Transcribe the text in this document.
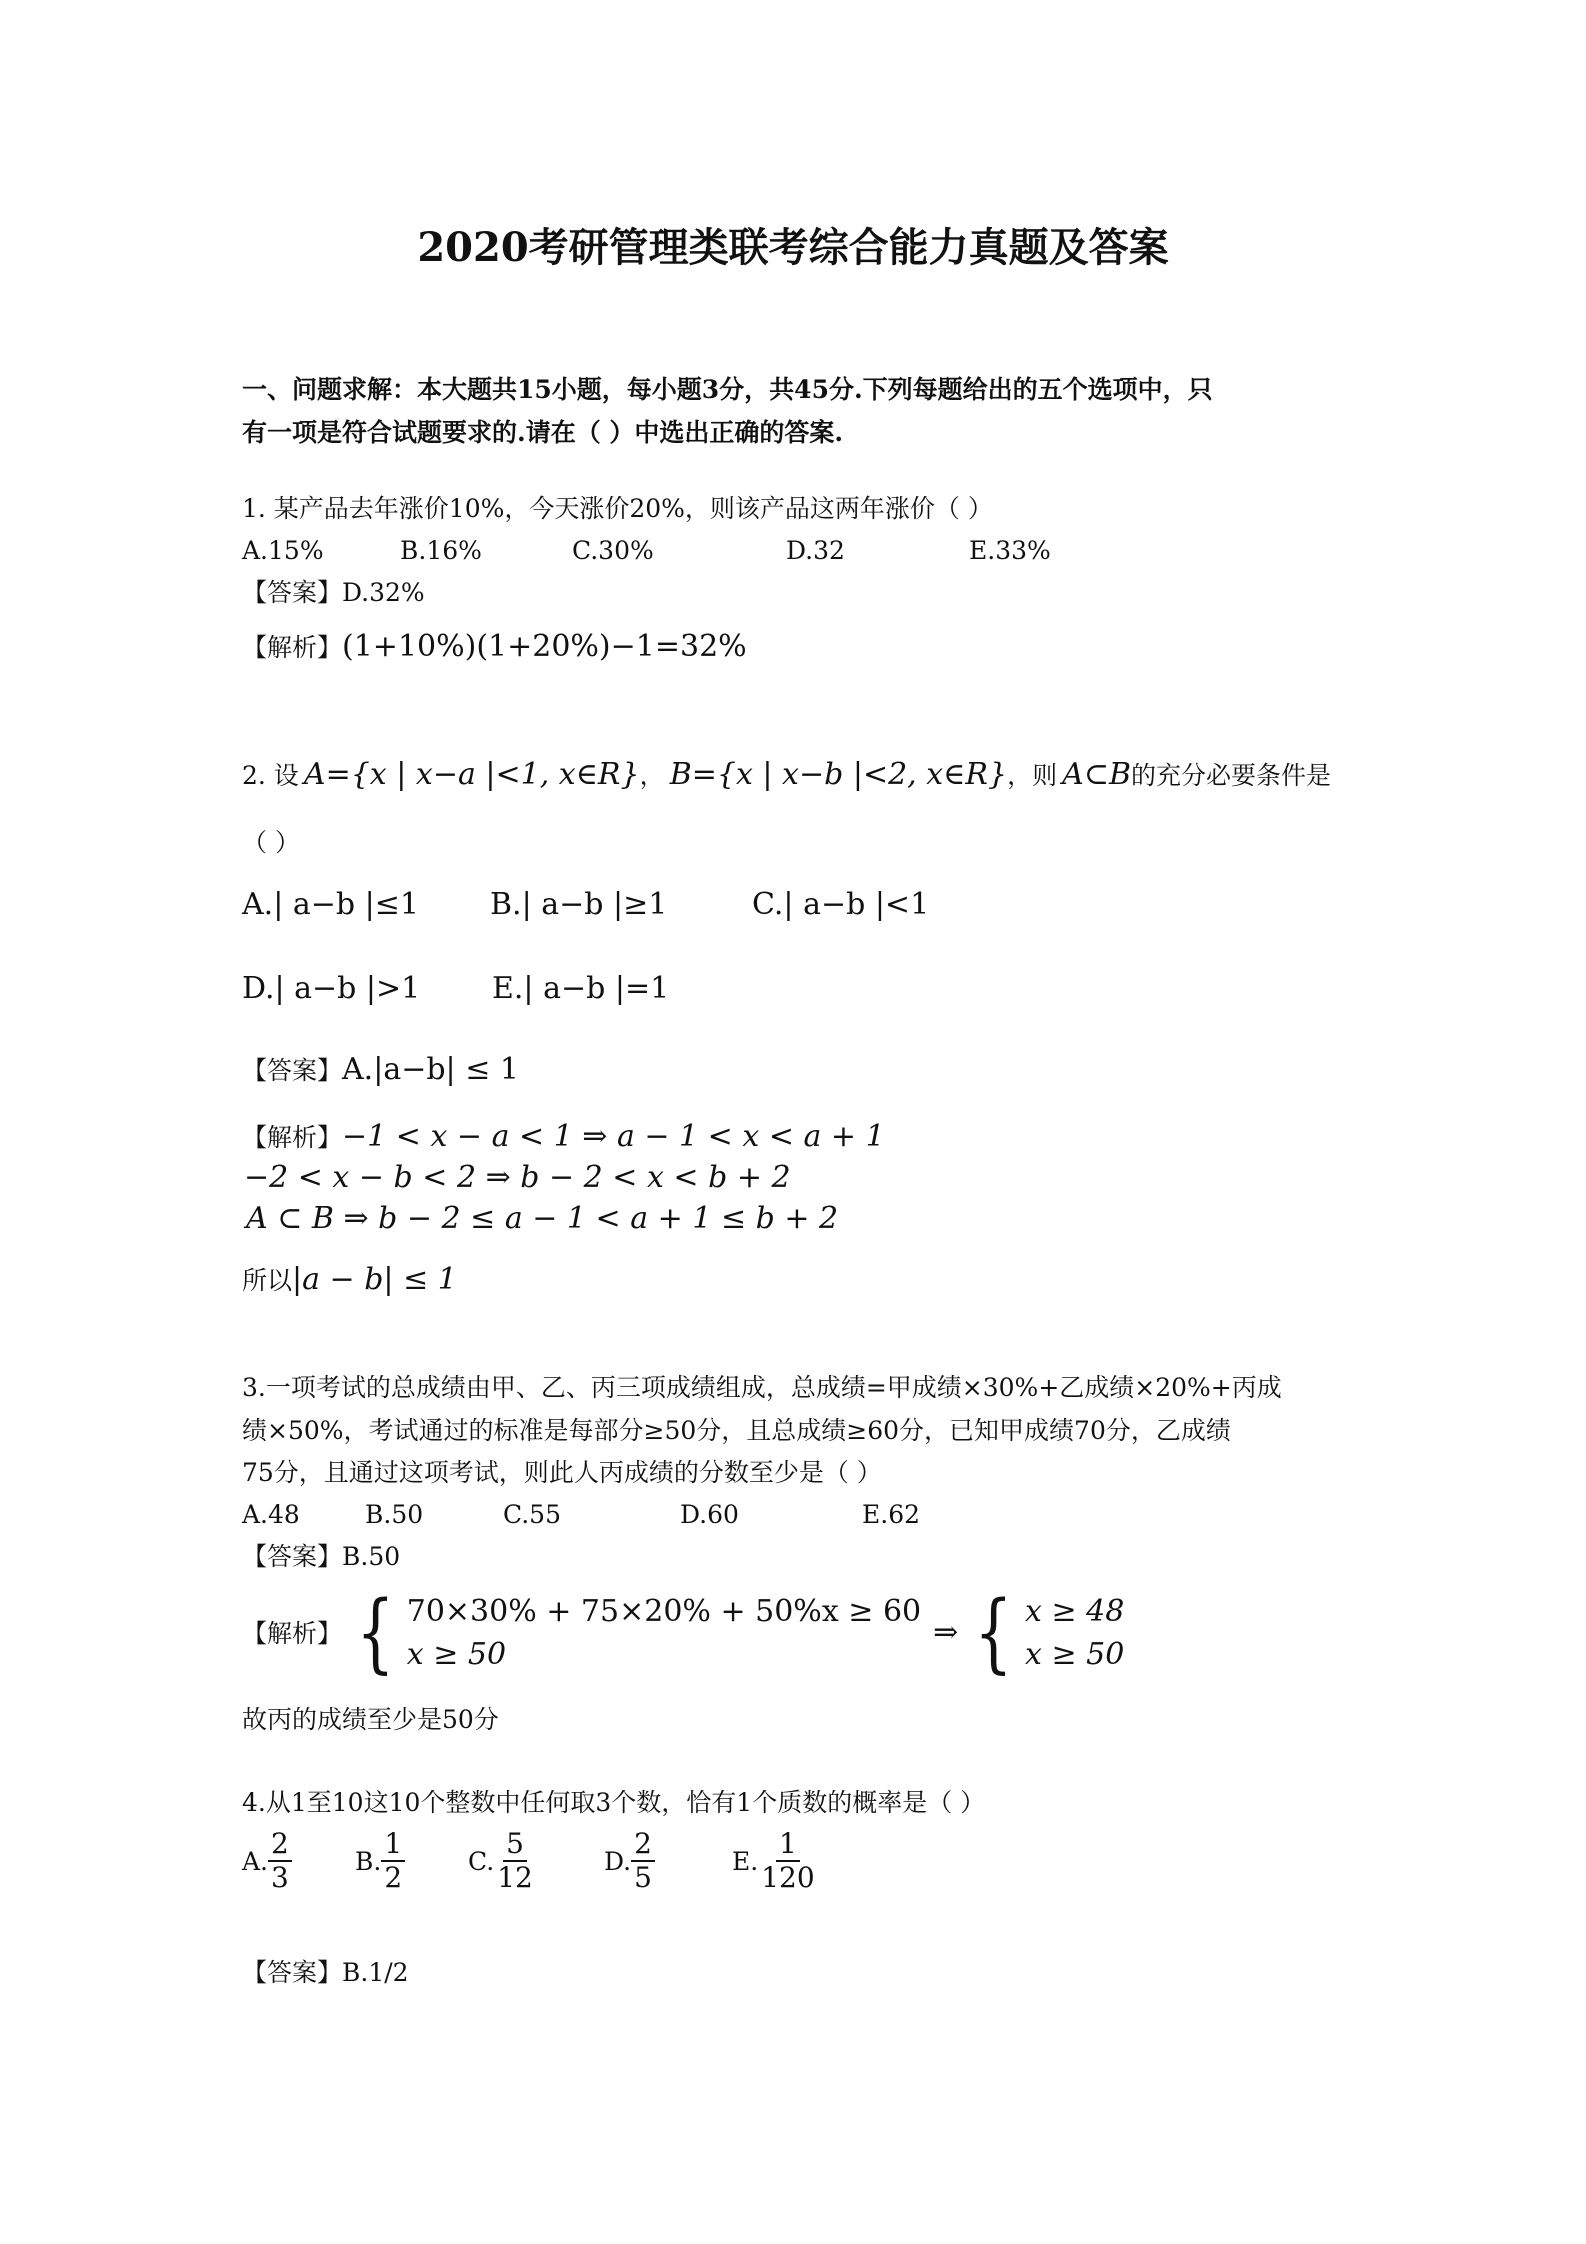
2020考研管理类联考综合能力真题及答案
一、问题求解：本大题共15小题，每小题3分，共45分.下列每题给出的五个选项中，只
有一项是符合试题要求的.请在（ ）中选出正确的答案.
1. 某产品去年涨价10%，今天涨价20%，则该产品这两年涨价（ ）
A.15%	B.16%	C.30%	D.32	E.33%
【答案】D.32%
【解析】(1+10%)(1+20%)−1=32%
2. 设 A={x | x−a |<1, x∈R}， B={x | x−b |<2, x∈R}，则 A⊂B的充分必要条件是
（ ）
A.| a−b |≤1 B.| a−b |≥1	C.| a−b |<1
D.| a−b |>1 E.| a−b |=1
【答案】A.|a−b| ≤ 1
【解析】−1 < x − a < 1 ⇒ a − 1 < x < a + 1
−2 < x − b < 2 ⇒ b − 2 < x < b + 2
A ⊂ B ⇒ b − 2 ≤ a − 1 < a + 1 ≤ b + 2
所以|a − b| ≤ 1
3.一项考试的总成绩由甲、乙、丙三项成绩组成，总成绩=甲成绩×30%+乙成绩×20%+丙成
绩×50%，考试通过的标准是每部分≥50分，且总成绩≥60分，已知甲成绩70分，乙成绩
75分，且通过这项考试，则此人丙成绩的分数至少是（ ）
A.48	B.50	C.55	D.60	E.62
【答案】B.50
【解析】 { 70×30% + 75×20% + 50%x ≥ 60
x ≥ 50
⇒ { x ≥ 48
x ≥ 50
故丙的成绩至少是50分
4.从1至10这10个整数中任何取3个数，恰有1个质数的概率是（ ）
A. $\frac{2}{3}$	B. $\frac{1}{2}$	C. $\frac{5}{12}$	D. $\frac{2}{5}$	E. $\frac{1}{120}$
【答案】B.1/2
